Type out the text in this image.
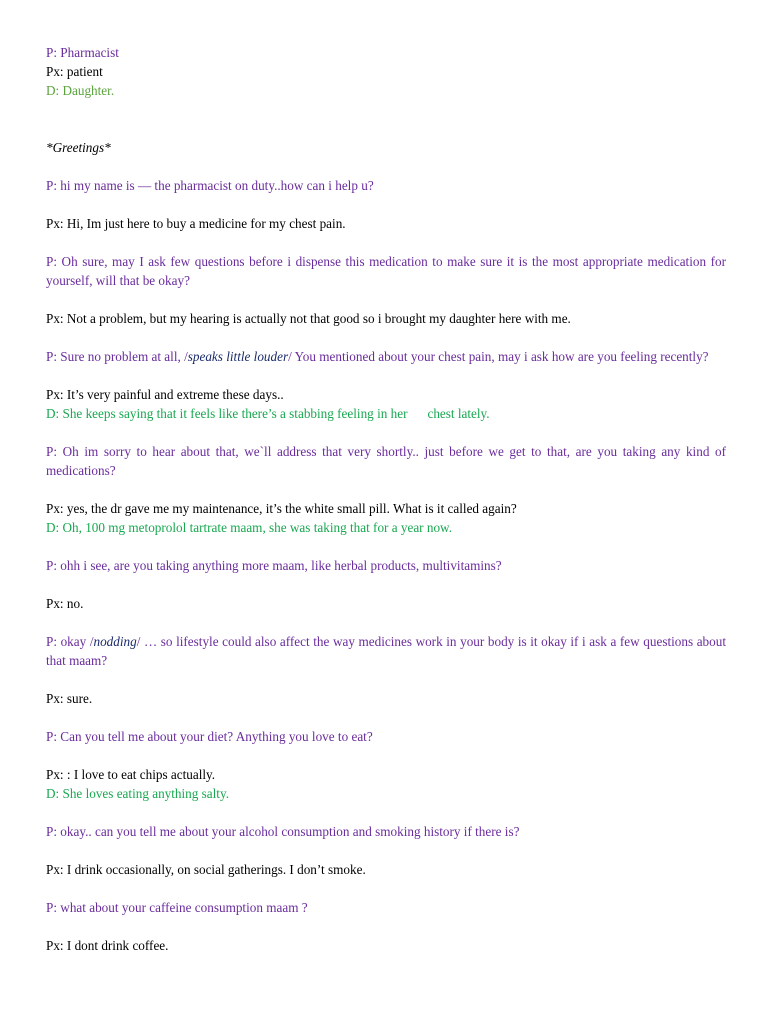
P: Pharmacist
Px: patient
D: Daughter.
*Greetings*
P: hi my name is — the pharmacist on duty..how can i help u?
Px: Hi, Im just here to buy a medicine for my chest pain.
P: Oh sure, may I ask few questions before i dispense this medication to make sure it is the most appropriate medication for yourself, will that be okay?
Px: Not a problem, but my hearing is actually not that good so i brought my daughter here with me.
P: Sure no problem at all, /speaks little louder/ You mentioned about your chest pain, may i ask how are you feeling recently?
Px: It’s very painful and extreme these days..
D: She keeps saying that it feels like there’s a stabbing feeling in her chest lately.
P: Oh im sorry to hear about that, we`ll address that very shortly.. just before we get to that, are you taking any kind of medications?
Px: yes, the dr gave me my maintenance, it’s the white small pill. What is it called again?
D: Oh, 100 mg metoprolol tartrate maam, she was taking that for a year now.
P: ohh i see, are you taking anything more maam, like herbal products, multivitamins?
Px: no.
P: okay /nodding/ … so lifestyle could also affect the way medicines work in your body is it okay if i ask a few questions about that maam?
Px: sure.
P: Can you tell me about your diet? Anything you love to eat?
Px: : I love to eat chips actually.
D: She loves eating anything salty.
P: okay.. can you tell me about your alcohol consumption and smoking history if there is?
Px: I drink occasionally, on social gatherings. I don’t smoke.
P: what about your caffeine consumption maam ?
Px: I dont drink coffee.
